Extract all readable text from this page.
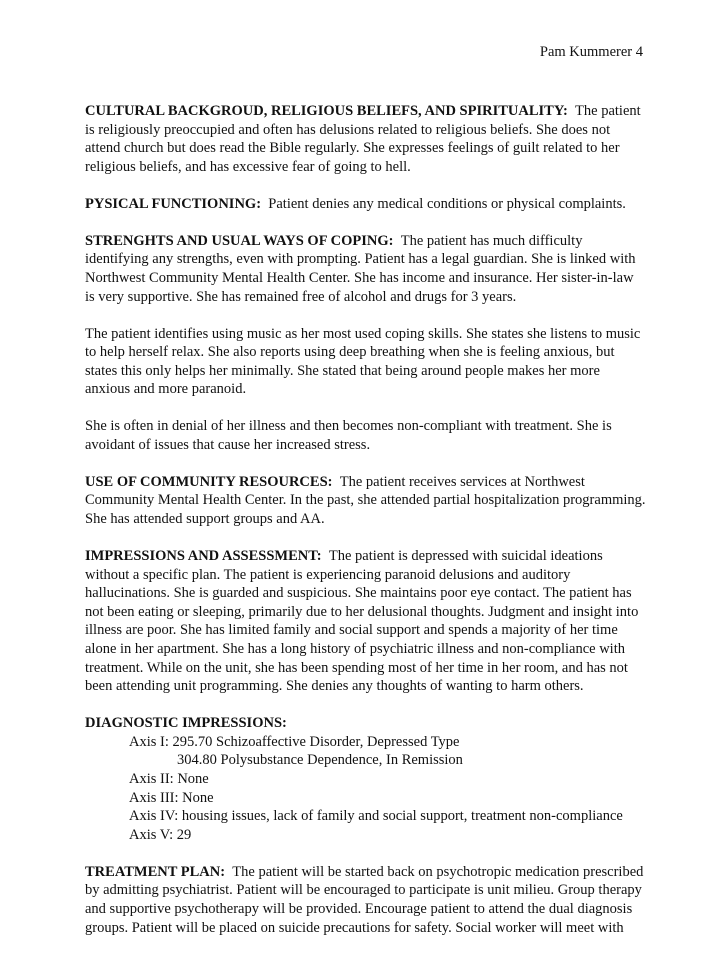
Pam Kummerer 4

CULTURAL BACKGROUD, RELIGIOUS BELIEFS, AND SPIRITUALITY: The patient
is religiously preoccupied and often has delusions related to religious beliefs. She does not
attend church but does read the Bible regularly. She expresses feelings of guilt related to her
religious beliefs, and has excessive fear of going to hell.

PYSICAL FUNCTIONING: Patient denies any medical conditions or physical complaints.

STRENGHTS AND USUAL WAYS OF COPING: The patient has much difficulty
identifying any strengths, even with prompting. Patient has a legal guardian. She is linked with
Northwest Community Mental Health Center. She has income and insurance. Her sister-in-law
is very supportive. She has remained free of alcohol and drugs for 3 years.

The patient identifies using music as her most used coping skills. She states she listens to music
to help herself relax. She also reports using deep breathing when she is feeling anxious, but
states this only helps her minimally. She stated that being around people makes her more
anxious and more paranoid.

She is often in denial of her illness and then becomes non-compliant with treatment. She is
avoidant of issues that cause her increased stress.

USE OF COMMUNITY RESOURCES: The patient receives services at Northwest
Community Mental Health Center. In the past, she attended partial hospitalization programming.
She has attended support groups and AA.

IMPRESSIONS AND ASSESSMENT: The patient is depressed with suicidal ideations
without a specific plan. The patient is experiencing paranoid delusions and auditory
hallucinations. She is guarded and suspicious. She maintains poor eye contact. The patient has
not been eating or sleeping, primarily due to her delusional thoughts. Judgment and insight into
illness are poor. She has limited family and social support and spends a majority of her time
alone in her apartment. She has a long history of psychiatric illness and non-compliance with
treatment. While on the unit, she has been spending most of her time in her room, and has not
been attending unit programming. She denies any thoughts of wanting to harm others.

DIAGNOSTIC IMPRESSIONS:
Axis I: 295.70 Schizoaffective Disorder, Depressed Type
304.80 Polysubstance Dependence, In Remission
Axis II: None
Axis III: None
Axis IV: housing issues, lack of family and social support, treatment non-compliance
Axis V: 29

TREATMENT PLAN: The patient will be started back on psychotropic medication prescribed
by admitting psychiatrist. Patient will be encouraged to participate is unit milieu. Group therapy
and supportive psychotherapy will be provided. Encourage patient to attend the dual diagnosis
groups. Patient will be placed on suicide precautions for safety. Social worker will meet with
